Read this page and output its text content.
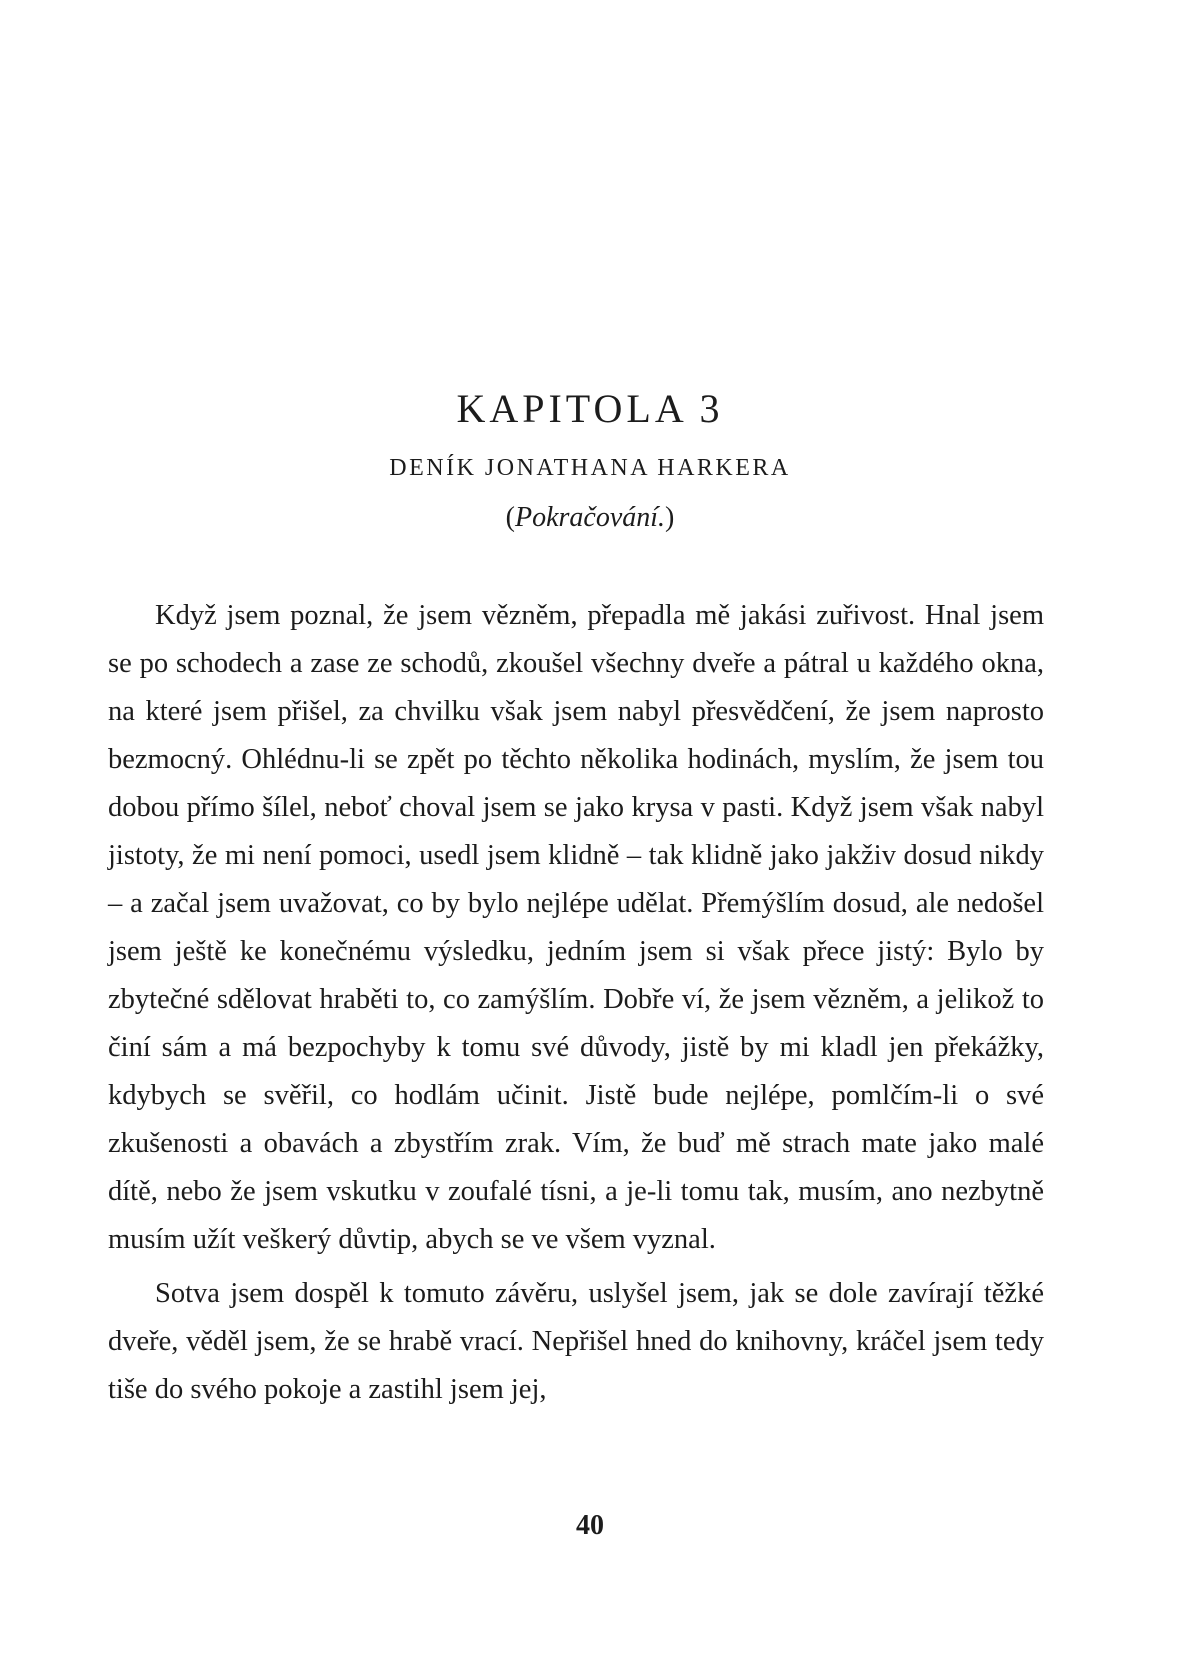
KAPITOLA 3
DENÍK JONATHANA HARKERA
(Pokračování.)

Když jsem poznal, že jsem vězněm, přepadla mě jakási zuřivost. Hnal jsem se po schodech a zase ze schodů, zkoušel všechny dveře a pátral u každého okna, na které jsem přišel, za chvilku však jsem nabyl přesvědčení, že jsem naprosto bezmocný. Ohlédnu-li se zpět po těchto několika hodinách, myslím, že jsem tou dobou přímo šílel, neboť choval jsem se jako krysa v pasti. Když jsem však nabyl jistoty, že mi není pomoci, usedl jsem klidně – tak klidně jako jakživ dosud nikdy – a začal jsem uvažovat, co by bylo nejlépe udělat. Přemýšlím dosud, ale nedošel jsem ještě ke konečnému výsledku, jedním jsem si však přece jistý: Bylo by zbytečné sdělovat hraběti to, co zamýšlím. Dobře ví, že jsem vězněm, a jelikož to činí sám a má bezpochyby k tomu své důvody, jistě by mi kladl jen překážky, kdybych se svěřil, co hodlám učinit. Jistě bude nejlépe, pomlčím-li o své zkušenosti a obavách a zbystřím zrak. Vím, že buď mě strach mate jako malé dítě, nebo že jsem vskutku v zoufalé tísni, a je-li tomu tak, musím, ano nezbytně musím užít veškerý důvtip, abych se ve všem vyznal.

Sotva jsem dospěl k tomuto závěru, uslyšel jsem, jak se dole zavírají těžké dveře, věděl jsem, že se hrabě vrací. Nepřišel hned do knihovny, kráčel jsem tedy tiše do svého pokoje a zastihl jsem jej,

40
